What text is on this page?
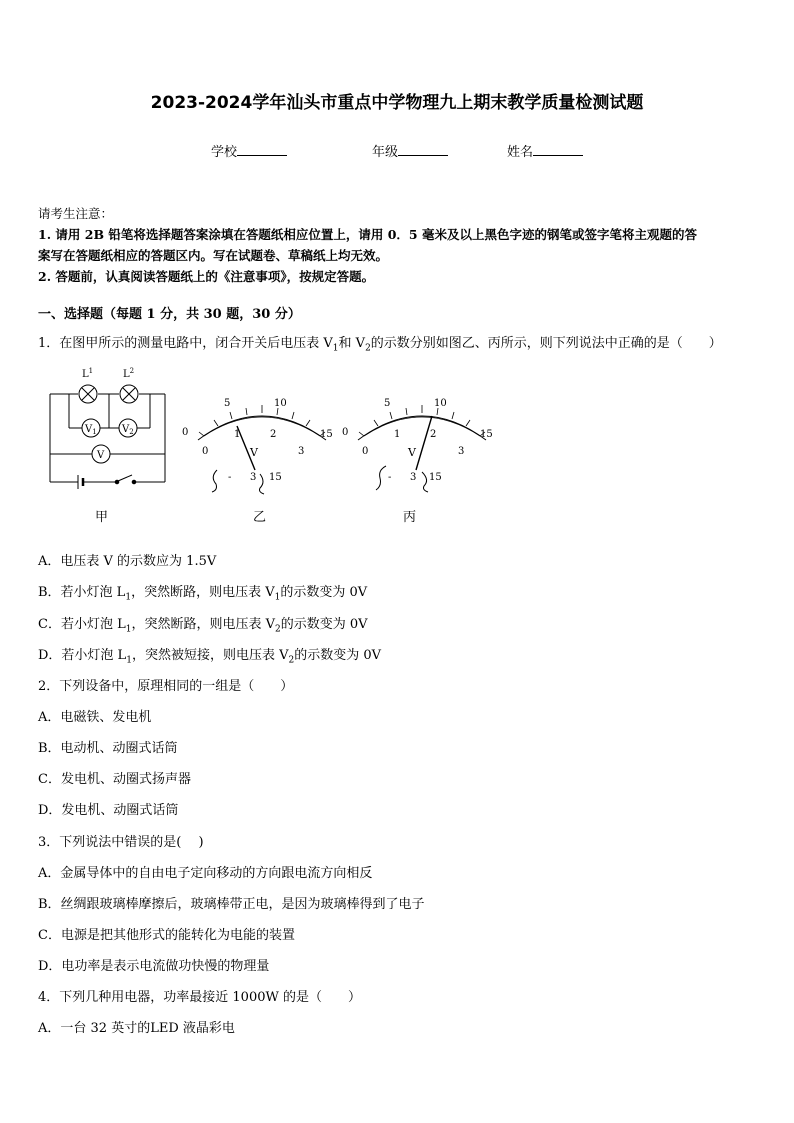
2023-2024学年汕头市重点中学物理九上期末教学质量检测试题
学校	年级	姓名
请考生注意：
1. 请用 2B 铅笔将选择题答案涂填在答题纸相应位置上，请用 0．5 毫米及以上黑色字迹的钢笔或签字笔将主观题的答
案写在答题纸相应的答题区内。写在试题卷、草稿纸上均无效。
2. 答题前，认真阅读答题纸上的《注意事项》，按规定答题。
一、选择题（每题 1 分，共 30 题，30 分）
1．在图甲所示的测量电路中，闭合开关后电压表 $V_1$和 $V_2$的示数分别如图乙、丙所示，则下列说法中正确的是（　　）
$L^1$	$L^2$
$V_1$	$V_2$
V
0
5	10
15
0
1	2
3
V
- 3 15
0
5	10
15
0
1	2
3
V
- 3 15
甲	乙	丙
A．电压表 V 的示数应为 1.5V
B．若小灯泡 $L_1$，突然断路，则电压表 $V_1$的示数变为 0V
C．若小灯泡 $L_1$，突然断路，则电压表 $V_2$的示数变为 0V
D．若小灯泡 $L_1$，突然被短接，则电压表 $V_2$的示数变为 0V
2．下列设备中，原理相同的一组是（　　）
A．电磁铁、发电机
B．电动机、动圈式话筒
C．发电机、动圈式扬声器
D．发电机、动圈式话筒
3．下列说法中错误的是(　 )
A．金属导体中的自由电子定向移动的方向跟电流方向相反
B．丝绸跟玻璃棒摩擦后，玻璃棒带正电，是因为玻璃棒得到了电子
C．电源是把其他形式的能转化为电能的装置
D．电功率是表示电流做功快慢的物理量
4．下列几种用电器，功率最接近 1000W 的是（　　）
A．一台 32 英寸的LED 液晶彩电
